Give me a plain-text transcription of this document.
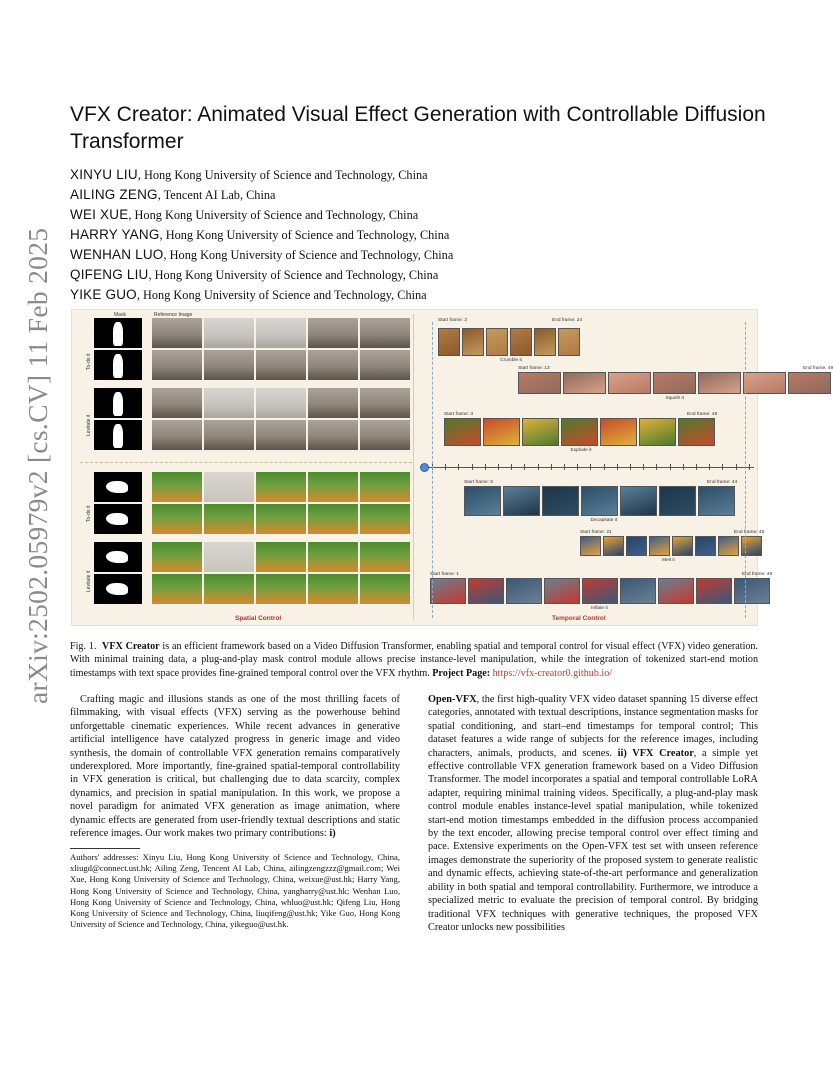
arXiv:2502.05979v2 [cs.CV] 11 Feb 2025
VFX Creator: Animated Visual Effect Generation with Controllable Diffusion Transformer
XINYU LIU, Hong Kong University of Science and Technology, China
AILING ZENG, Tencent AI Lab, China
WEI XUE, Hong Kong University of Science and Technology, China
HARRY YANG, Hong Kong University of Science and Technology, China
WENHAN LUO, Hong Kong University of Science and Technology, China
QIFENG LIU, Hong Kong University of Science and Technology, China
YIKE GUO, Hong Kong University of Science and Technology, China
Mask	Reference Image
To-do it
Levitate it
To-do it
Levitate it
Spatial Control	Temporal Control
Start frame: 2	End frame: 24
Crumble it
Start frame: 13	End frame: 49
Squish it
Start frame: 3	End frame: 48
Explode it
Start frame: 6	End frame: 44
Decapitate it
Start frame: 21	End frame: 49
Melt it
Start frame: 1	End frame: 49
Inflate it

Fig. 1. VFX Creator is an efficient framework based on a Video Diffusion Transformer, enabling spatial and temporal control for visual effect (VFX) video generation. With minimal training data, a plug-and-play mask control module allows precise instance-level manipulation, while the integration of tokenized start-end motion timestamps with text space provides fine-grained temporal control over the VFX rhythm. Project Page: https://vfx-creator0.github.io/

Crafting magic and illusions stands as one of the most thrilling facets of filmmaking, with visual effects (VFX) serving as the powerhouse behind unforgettable cinematic experiences. While recent advances in generative artificial intelligence have catalyzed progress in generic image and video synthesis, the domain of controllable VFX generation remains comparatively underexplored. More importantly, fine-grained spatial-temporal controllability in VFX generation is critical, but challenging due to data scarcity, complex dynamics, and precision in spatial manipulation. In this work, we propose a novel paradigm for animated VFX generation as image animation, where dynamic effects are generated from user-friendly textual descriptions and static reference images. Our work makes two primary contributions: i)

Authors' addresses: Xinyu Liu, Hong Kong University of Science and Technology, China, xliugd@connect.ust.hk; Ailing Zeng, Tencent AI Lab, China, ailingzengzzz@gmail.com; Wei Xue, Hong Kong University of Science and Technology, China, weixue@ust.hk; Harry Yang, Hong Kong University of Science and Technology, China, yangharry@ust.hk; Wenhan Luo, Hong Kong University of Science and Technology, China, whluo@ust.hk; Qifeng Liu, Hong Kong University of Science and Technology, China, liuqifeng@ust.hk; Yike Guo, Hong Kong University of Science and Technology, China, yikeguo@ust.hk.

Open-VFX, the first high-quality VFX video dataset spanning 15 diverse effect categories, annotated with textual descriptions, instance segmentation masks for spatial conditioning, and start–end timestamps for temporal control; This dataset features a wide range of subjects for the reference images, including characters, animals, products, and scenes. ii) VFX Creator, a simple yet effective controllable VFX generation framework based on a Video Diffusion Transformer. The model incorporates a spatial and temporal controllable LoRA adapter, requiring minimal training videos. Specifically, a plug-and-play mask control module enables instance-level spatial manipulation, while tokenized start-end motion timestamps embedded in the diffusion process accompanied by the text encoder, allowing precise temporal control over effect timing and pace. Extensive experiments on the Open-VFX test set with unseen reference images demonstrate the superiority of the proposed system to generate realistic and dynamic effects, achieving state-of-the-art performance and generalization ability in both spatial and temporal controllability. Furthermore, we introduce a specialized metric to evaluate the precision of temporal control. By bridging traditional VFX techniques with generative techniques, the proposed VFX Creator unlocks new possibilities
